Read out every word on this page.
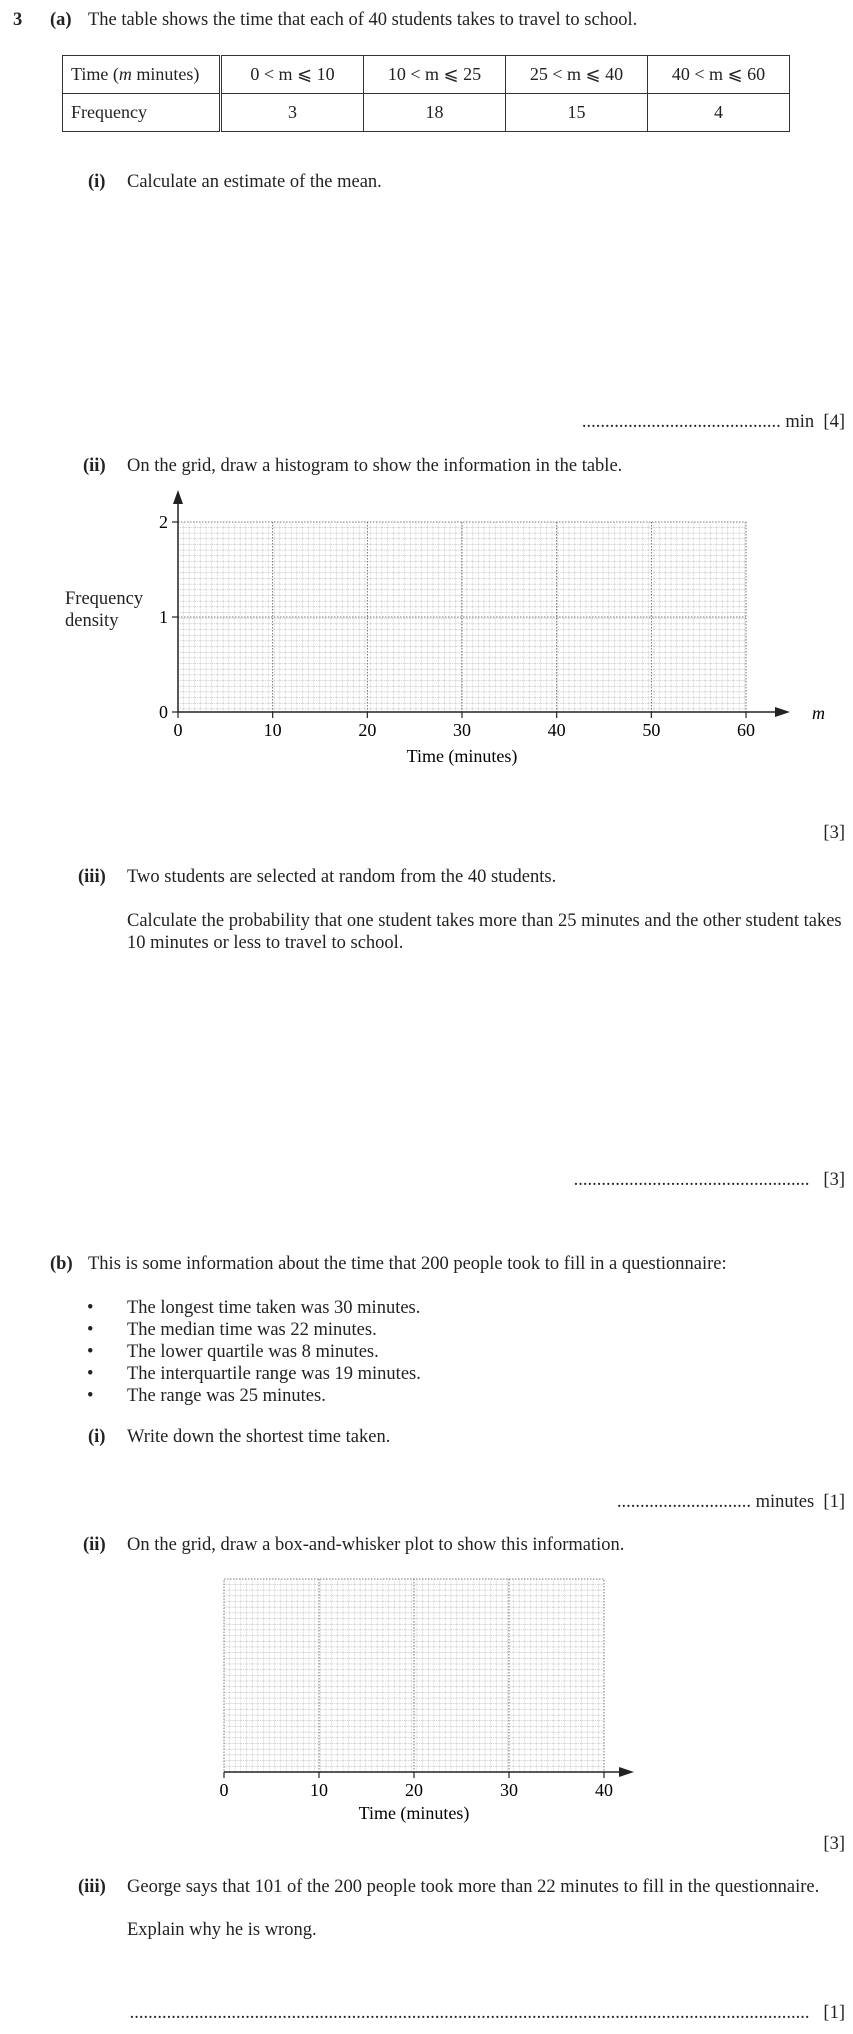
3 (a) The table shows the time that each of 40 students takes to travel to school.
Time (m minutes)	0 < m ⩽ 10	10 < m ⩽ 25	25 < m ⩽ 40	40 < m ⩽ 60
Frequency	3	18	15	4
(i) Calculate an estimate of the mean.
........................................... min [4]
(ii) On the grid, draw a histogram to show the information in the table.
Frequency
density
0	10	20	30	40	50	60
0
1
2
m
Time (minutes)
[3]
(iii) Two students are selected at random from the 40 students.
Calculate the probability that one student takes more than 25 minutes and the other student takes 10 minutes or less to travel to school.
................................................... [3]
(b) This is some information about the time that 200 people took to fill in a questionnaire:
• The longest time taken was 30 minutes.
• The median time was 22 minutes.
• The lower quartile was 8 minutes.
• The interquartile range was 19 minutes.
• The range was 25 minutes.
(i) Write down the shortest time taken.
............................. minutes [1]
(ii) On the grid, draw a box-and-whisker plot to show this information.
0	10	20	30	40
Time (minutes)
[3]
(iii) George says that 101 of the 200 people took more than 22 minutes to fill in the questionnaire.
Explain why he is wrong.
................................................................................................................................................... [1]
